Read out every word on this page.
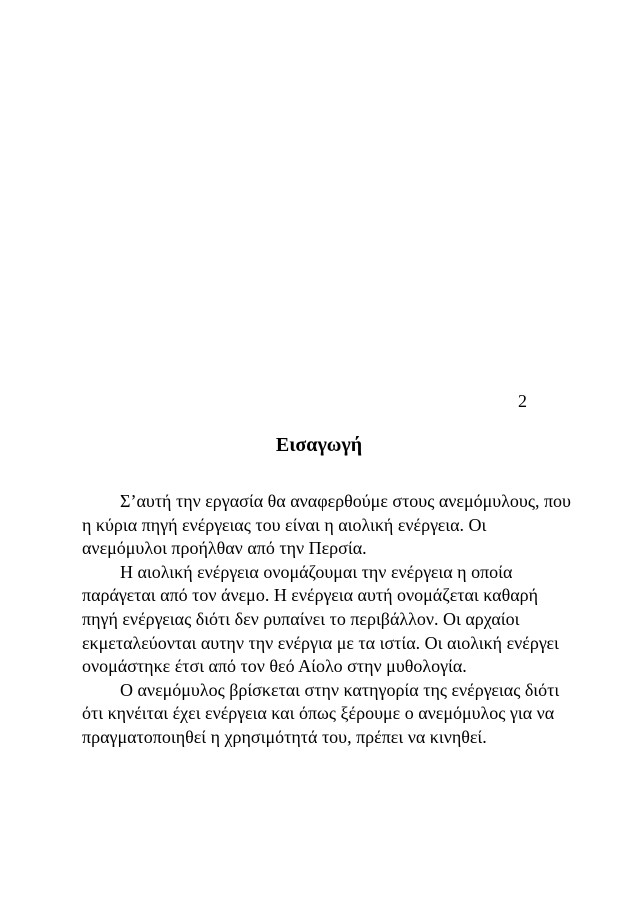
2
Εισαγωγή

Σ’αυτή την εργασία θα αναφερθούμε στους ανεμόμυλους, που η κύρια πηγή ενέργειας του είναι η αιολική ενέργεια. Οι ανεμόμυλοι προήλθαν από την Περσία.

Η αιολική ενέργεια ονομάζουμαι την ενέργεια η οποία παράγεται από τον άνεμο. Η ενέργεια αυτή ονομάζεται καθαρή πηγή ενέργειας διότι δεν ρυπαίνει το περιβάλλον. Οι αρχαίοι εκμεταλεύονται αυτην την ενέργια με τα ιστία. Οι αιολική ενέργει ονομάστηκε έτσι από τον θεό Αίολο στην μυθολογία.

Ο ανεμόμυλος βρίσκεται στην κατηγορία της ενέργειας διότι ότι κηνέιται έχει ενέργεια και όπως ξέρουμε ο ανεμόμυλος για να πραγματοποιηθεί η χρησιμότητά του, πρέπει να κινηθεί.
